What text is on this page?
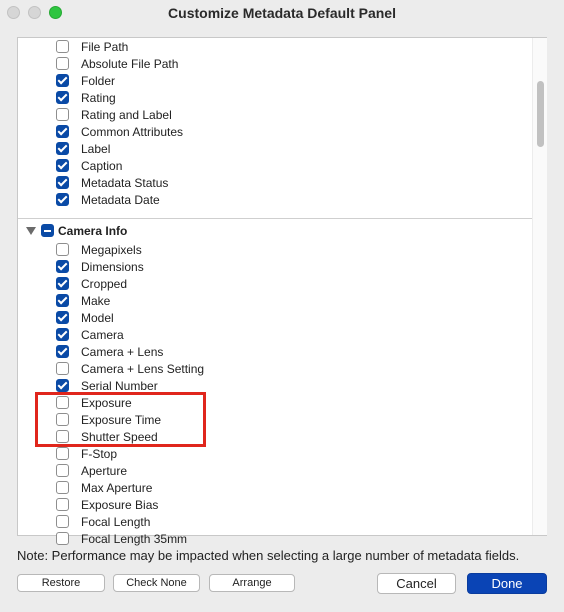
Customize Metadata Default Panel
Camera Info
File Path
Absolute File Path
Folder
Rating
Rating and Label
Common Attributes
Label
Caption
Metadata Status
Metadata Date
Megapixels
Dimensions
Cropped
Make
Model
Camera
Camera + Lens
Camera + Lens Setting
Serial Number
Exposure
Exposure Time
Shutter Speed
F-Stop
Aperture
Max Aperture
Exposure Bias
Focal Length
Focal Length 35mm
Note: Performance may be impacted when selecting a large number of metadata fields.
Restore	Check None	Arrange	Cancel	Done
